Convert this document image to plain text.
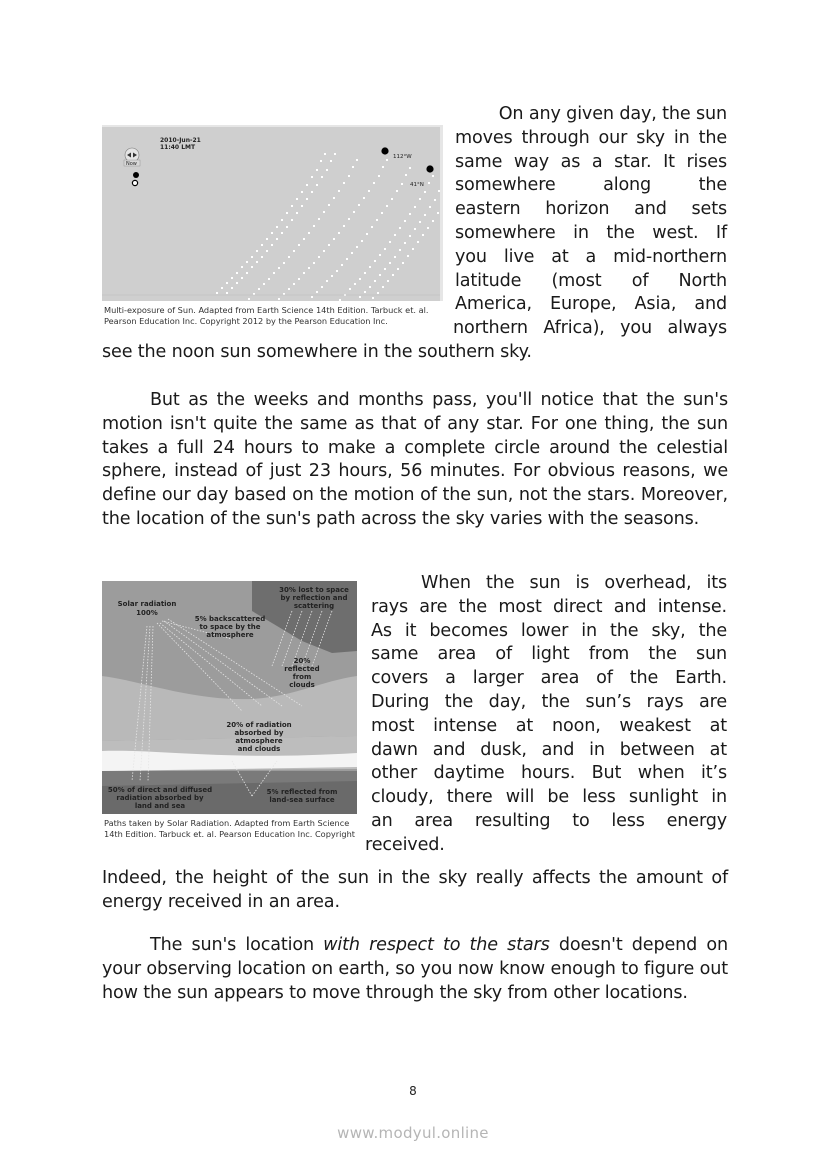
Now
2010-Jun-21
11:40 LMT
112°W
41°N
Multi-exposure of Sun. Adapted from Earth Science 14th Edition. Tarbuck et. al.
Pearson Education Inc. Copyright 2012 by the Pearson Education Inc.
On any given day, the sun
moves through our sky in the
same way as a star. It rises
somewhere along the
eastern horizon and sets
somewhere in the west. If
you live at a mid-northern
latitude (most of North
America, Europe, Asia, and
northern Africa), you always
see the noon sun somewhere in the southern sky.
But as the weeks and months pass, you'll notice that the sun's motion isn't quite the same as that of any star. For one thing, the sun takes a full 24 hours to make a complete circle around the celestial sphere, instead of just 23 hours, 56 minutes. For obvious reasons, we define our day based on the motion of the sun, not the stars. Moreover, the location of the sun's path across the sky varies with the seasons.
Solar radiation
100%
5% backscattered
to space by the
atmosphere
30% lost to space
by reflection and
scattering
20%
reflected
from
clouds
20% of radiation
absorbed by
atmosphere
and clouds
50% of direct and diffused
radiation absorbed by
land and sea
5% reflected from
land-sea surface
Paths taken by Solar Radiation. Adapted from Earth Science
14th Edition. Tarbuck et. al. Pearson Education Inc. Copyright
When the sun is overhead, its
rays are the most direct and intense.
As it becomes lower in the sky, the
same area of light from the sun
covers a larger area of the Earth.
During the day, the sun’s rays are
most intense at noon, weakest at
dawn and dusk, and in between at
other daytime hours. But when it’s
cloudy, there will be less sunlight in
an area resulting to less energy
received.
Indeed, the height of the sun in the sky really affects the amount of energy received in an area.
The sun's location with respect to the stars doesn't depend on your observing location on earth, so you now know enough to figure out how the sun appears to move through the sky from other locations.
8
www.modyul.online
